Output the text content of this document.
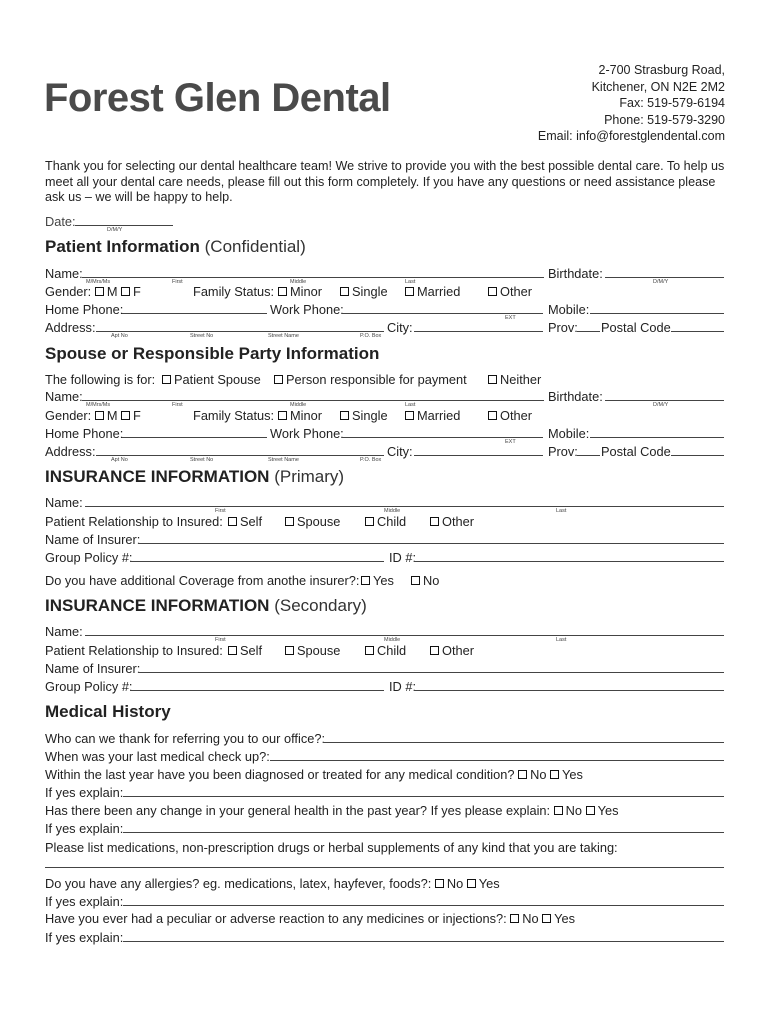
Forest Glen Dental
2-700 Strasburg Road,
Kitchener, ON N2E 2M2
Fax: 519-579-6194
Phone: 519-579-3290
Email: info@forestglendental.com
Thank you for selecting our dental healthcare team! We strive to provide you with the best possible dental care. To help us meet all your dental care needs, please fill out this form completely. If you have any questions or need assistance please ask us – we will be happy to help.
Date:
D/M/Y
Patient Information (Confidential)
Name:
M/Mrs/Ms	First	Middle	Last
Birthdate:
D/M/Y
Gender: M F	Family Status:	Minor	Single	Married	Other
Home Phone:	Work Phone:
EXT
Mobile:
Address:
Apt No	Street No	Street Name	P.O. Box
City:	Prov: Postal Code
Spouse or Responsible Party Information
The following is for:	Patient Spouse	Person responsible for payment	Neither
Name:
M/Mrs/Ms	First	Middle	Last
Birthdate:
D/M/Y
Gender: M F	Family Status:	Minor	Single	Married	Other
Home Phone:	Work Phone:
EXT
Mobile:
Address:
Apt No	Street No	Street Name	P.O. Box
City:	Prov: Postal Code
INSURANCE INFORMATION (Primary)
Name:
First	Middle	Last
Patient Relationship to Insured:	Self	Spouse	Child	Other
Name of Insurer:
Group Policy #:	ID #:
Do you have additional Coverage from anothe insurer?:	Yes	No
INSURANCE INFORMATION (Secondary)
Name:
First	Middle	Last
Patient Relationship to Insured:	Self	Spouse	Child	Other
Name of Insurer:
Group Policy #:	ID #:
Medical History
Who can we thank for referring you to our office?:
When was your last medical check up?:
Within the last year have you been diagnosed or treated for any medical condition? No Yes
If yes explain:
Has there been any change in your general health in the past year? If yes please explain: No Yes
If yes explain:
Please list medications, non-prescription drugs or herbal supplements of any kind that you are taking:
Do you have any allergies? eg. medications, latex, hayfever, foods?: No Yes
If yes explain:
Have you ever had a peculiar or adverse reaction to any medicines or injections?: No Yes
If yes explain:
